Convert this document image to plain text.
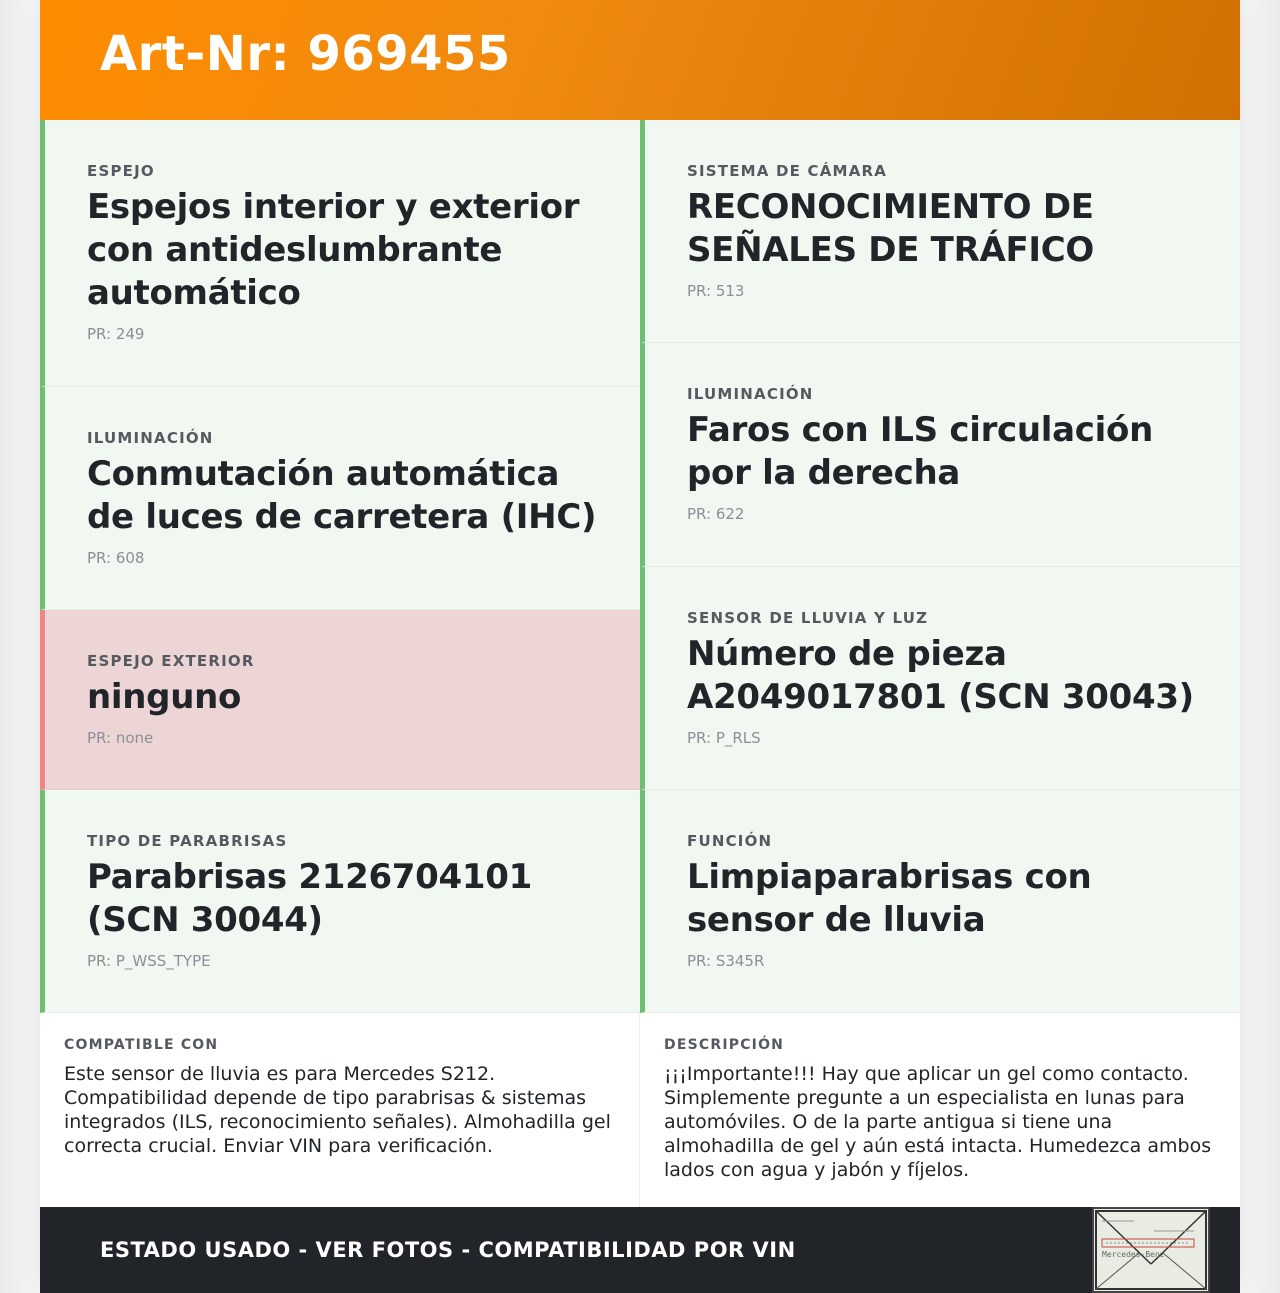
Art-Nr: 969455
ESPEJO
Espejos interior y exterior con antideslumbrante automático
PR: 249
ILUMINACIÓN
Conmutación automática de luces de carretera (IHC)
PR: 608
ESPEJO EXTERIOR
ninguno
PR: none
TIPO DE PARABRISAS
Parabrisas 2126704101 (SCN 30044)
PR: P_WSS_TYPE
SISTEMA DE CÁMARA
RECONOCIMIENTO DE SEÑALES DE TRÁFICO
PR: 513
ILUMINACIÓN
Faros con ILS circulación por la derecha
PR: 622
SENSOR DE LLUVIA Y LUZ
Número de pieza A2049017801 (SCN 30043)
PR: P_RLS
FUNCIÓN
Limpiaparabrisas con sensor de lluvia
PR: S345R
COMPATIBLE CON
Este sensor de lluvia es para Mercedes S212. Compatibilidad depende de tipo parabrisas & sistemas integrados (ILS, reconocimiento señales). Almohadilla gel correcta crucial. Enviar VIN para verificación.
DESCRIPCIÓN
¡¡¡Importante!!! Hay que aplicar un gel como contacto. Simplemente pregunte a un especialista en lunas para automóviles. O de la parte antigua si tiene una almohadilla de gel y aún está intacta. Humedezca ambos lados con agua y jabón y fíjelos.
ESTADO USADO - VER FOTOS - COMPATIBILIDAD POR VIN	Mercedes-Benz
